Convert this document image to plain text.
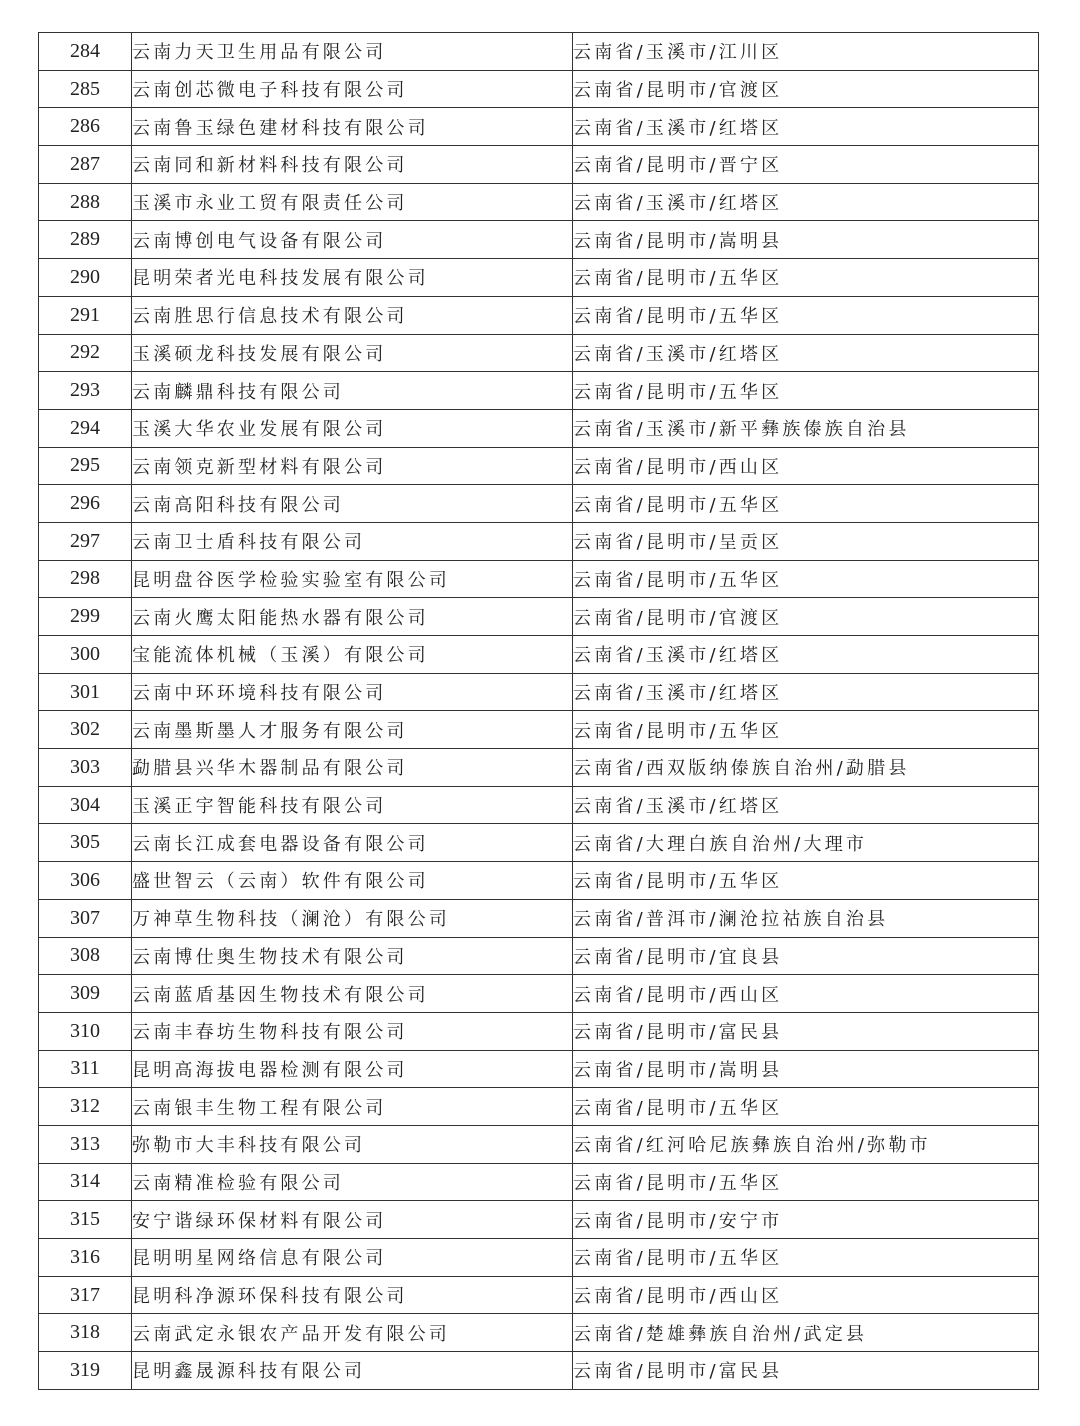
284	云南力天卫生用品有限公司	云南省/玉溪市/江川区
285	云南创芯微电子科技有限公司	云南省/昆明市/官渡区
286	云南鲁玉绿色建材科技有限公司	云南省/玉溪市/红塔区
287	云南同和新材料科技有限公司	云南省/昆明市/晋宁区
288	玉溪市永业工贸有限责任公司	云南省/玉溪市/红塔区
289	云南博创电气设备有限公司	云南省/昆明市/嵩明县
290	昆明荣者光电科技发展有限公司	云南省/昆明市/五华区
291	云南胜思行信息技术有限公司	云南省/昆明市/五华区
292	玉溪硕龙科技发展有限公司	云南省/玉溪市/红塔区
293	云南麟鼎科技有限公司	云南省/昆明市/五华区
294	玉溪大华农业发展有限公司	云南省/玉溪市/新平彝族傣族自治县
295	云南领克新型材料有限公司	云南省/昆明市/西山区
296	云南高阳科技有限公司	云南省/昆明市/五华区
297	云南卫士盾科技有限公司	云南省/昆明市/呈贡区
298	昆明盘谷医学检验实验室有限公司	云南省/昆明市/五华区
299	云南火鹰太阳能热水器有限公司	云南省/昆明市/官渡区
300	宝能流体机械（玉溪）有限公司	云南省/玉溪市/红塔区
301	云南中环环境科技有限公司	云南省/玉溪市/红塔区
302	云南墨斯墨人才服务有限公司	云南省/昆明市/五华区
303	勐腊县兴华木器制品有限公司	云南省/西双版纳傣族自治州/勐腊县
304	玉溪正宇智能科技有限公司	云南省/玉溪市/红塔区
305	云南长江成套电器设备有限公司	云南省/大理白族自治州/大理市
306	盛世智云（云南）软件有限公司	云南省/昆明市/五华区
307	万神草生物科技（澜沧）有限公司	云南省/普洱市/澜沧拉祜族自治县
308	云南博仕奥生物技术有限公司	云南省/昆明市/宜良县
309	云南蓝盾基因生物技术有限公司	云南省/昆明市/西山区
310	云南丰春坊生物科技有限公司	云南省/昆明市/富民县
311	昆明高海拔电器检测有限公司	云南省/昆明市/嵩明县
312	云南银丰生物工程有限公司	云南省/昆明市/五华区
313	弥勒市大丰科技有限公司	云南省/红河哈尼族彝族自治州/弥勒市
314	云南精准检验有限公司	云南省/昆明市/五华区
315	安宁谐绿环保材料有限公司	云南省/昆明市/安宁市
316	昆明明星网络信息有限公司	云南省/昆明市/五华区
317	昆明科净源环保科技有限公司	云南省/昆明市/西山区
318	云南武定永银农产品开发有限公司	云南省/楚雄彝族自治州/武定县
319	昆明鑫晟源科技有限公司	云南省/昆明市/富民县
